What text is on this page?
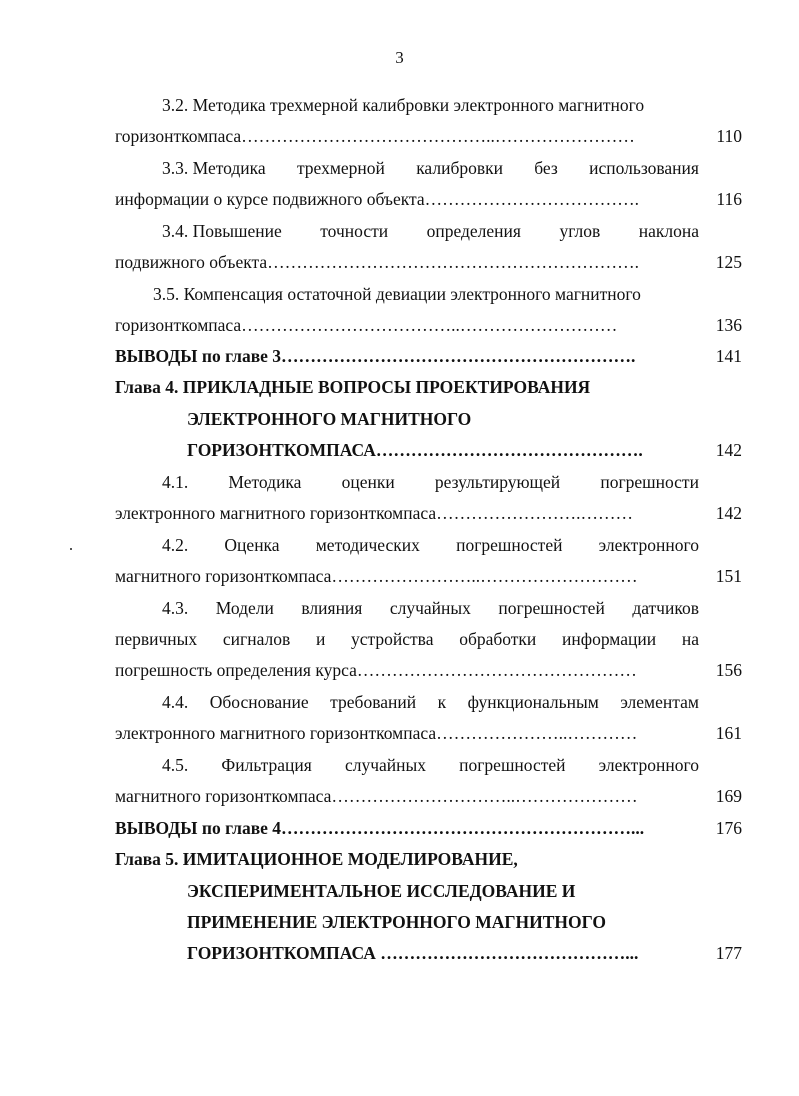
3
3.2. Методика трехмерной калибровки электронного магнитного
горизонткомпаса……………………………………..……………………	110
3.3. Методика трехмерной калибровки без использования
информации о курсе подвижного объекта……………………………….	116
3.4. Повышение точности определения углов наклона
подвижного объекта……………………………………………………….	125
3.5. Компенсация остаточной девиации электронного магнитного
горизонткомпаса………………………………..………………………	136
ВЫВОДЫ по главе 3…………………………………………………….	141
Глава 4. ПРИКЛАДНЫЕ ВОПРОСЫ ПРОЕКТИРОВАНИЯ
ЭЛЕКТРОННОГО МАГНИТНОГО
ГОРИЗОНТКОМПАСА……………………………………….	142
4.1. Методика оценки результирующей погрешности
электронного магнитного горизонткомпаса…………………….………	142
4.2. Оценка методических погрешностей электронного
магнитного горизонткомпаса……………………..………………………	151
4.3. Модели влияния случайных погрешностей датчиков
первичных сигналов и устройства обработки информации на
погрешность определения курса…………………………………………	156
4.4. Обоснование требований к функциональным элементам
электронного магнитного горизонткомпаса…………………..…………	161
4.5. Фильтрация случайных погрешностей электронного
магнитного горизонткомпаса…………………………..…………………	169
ВЫВОДЫ по главе 4……………………………………………………...	176
Глава 5. ИМИТАЦИОННОЕ МОДЕЛИРОВАНИЕ,
ЭКСПЕРИМЕНТАЛЬНОЕ ИССЛЕДОВАНИЕ И
ПРИМЕНЕНИЕ ЭЛЕКТРОННОГО МАГНИТНОГО
ГОРИЗОНТКОМПАСА ……………………………………...	177
